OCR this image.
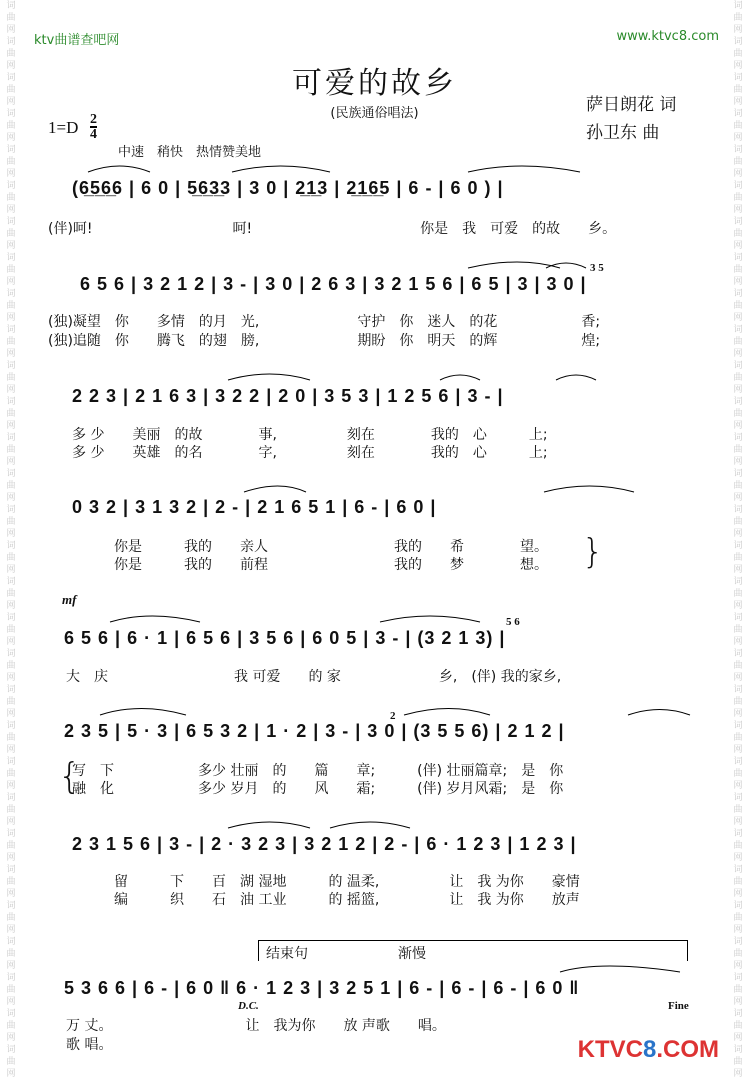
词
曲
网
词
曲
网
词
曲
网
词
曲
网
词
曲
网
词
曲
网
词
曲
网
词
曲
网
词
曲
网
词
曲
网
词
曲
网
词
曲
网
词
曲
网
词
曲
网
词
曲
网
词
曲
网
词
曲
网
词
曲
网
词
曲
网
词
曲
网
词
曲
网
词
曲
网
词
曲
网
词
曲
网
词
曲
网
词
曲
网
词
曲
网
词
曲
网
词
曲
网
词
曲
网
词
曲
网
词
曲
网
词
曲
网
词
曲
网
词
曲
网
词
曲
网
词
曲
网
词
曲
网
词
曲
网
词
曲
网
词
曲
网
词
曲
网
词
曲
网
词
曲
网
词
曲
网
词
曲
网
词
曲
网
词
曲
网
词
曲
网
词
曲
网
词
曲
网
词
曲
网
词
曲
网
词
曲
网
词
曲
网
词
曲
网
词
曲
网
词
曲
网
词
曲
网
词
曲
网
ktv曲谱查吧网	www.ktvc8.com
可爱的故乡
(民族通俗唱法)	萨日朗花 词
孙卫东 曲
1=D 2
4
中速　稍快　热情赞美地
(6̲5̲6̲6 | 6 0 | 5̲6̲3̲3 | 3 0 | 2̲1̲3 | 2̲1̲6̲5 | 6 - | 6 0 ) |
(伴)呵!　　　　　　　　　　呵!　　　　　　　　　　　　你是　我　可爱　的故　　乡。
6 5 6 | 3 2 1 2 | 3 - | 3 0 | 2 6 3 | 3 2 1 5 6 | 6 5 | 3 | 3 0 |
3 5
(独)凝望　你　　多情　的月　光,　　　　　　　守护　你　迷人　的花　　　　　　香;
(独)追随　你　　腾飞　的翅　膀,　　　　　　　期盼　你　明天　的辉　　　　　　煌;
2 2 3 | 2 1 6 3 | 3 2 2 | 2 0 | 3 5 3 | 1 2 5 6 | 3 - |
多 少　　美丽　的故　　　　事,　　　　　刻在　　　　我的　心　　　上;
多 少　　英雄　的名　　　　字,　　　　　刻在　　　　我的　心　　　上;
0 3 2 | 3 1 3 2 | 2 - | 2 1 6 5 1 | 6 - | 6 0 |
你是　　　我的　　亲人　　　　　　　　　我的　　希　　　　望。
你是　　　我的　　前程　　　　　　　　　我的　　梦　　　　想。 }
mf
6 5 6 | 6 · 1 | 6 5 6 | 3 5 6 | 6 0 5 | 3 - | (3 2 1 3) |
5 6
大　庆　　　　　　　　　我 可爱　　的 家　　　　　　　乡,　(伴) 我的家乡,
2 3 5 | 5 · 3 | 6 5 3 2 | 1 · 2 | 3 - | 3 0 | (3 5 5 6) | 2 1 2 |
2
{
写　下　　　　　　多少 壮丽　的　　篇　　章;　　　(伴) 壮丽篇章;　是　你
融　化　　　　　　多少 岁月　的　　风　　霜;　　　(伴) 岁月风霜;　是　你
2 3 1 5 6 | 3 - | 2 · 3 2 3 | 3 2 1 2 | 2 - | 6 · 1 2 3 | 1 2 3 |
留　　　下　　百　湖 湿地　　　的 温柔,　　　　　让　我 为你　　豪情
编　　　织　　石　油 工业　　　的 摇篮,　　　　　让　我 为你　　放声
结束句	渐慢
5 3 6 6 | 6 - | 6 0 ‖ 6 · 1 2 3 | 3 2 5 1 | 6 - | 6 - | 6 - | 6 0 ‖
D.C.	Fine
万 丈。　　　　　　　　　　让　我为你　　放 声歌　　唱。
歌 唱。	KTVC8.COM
